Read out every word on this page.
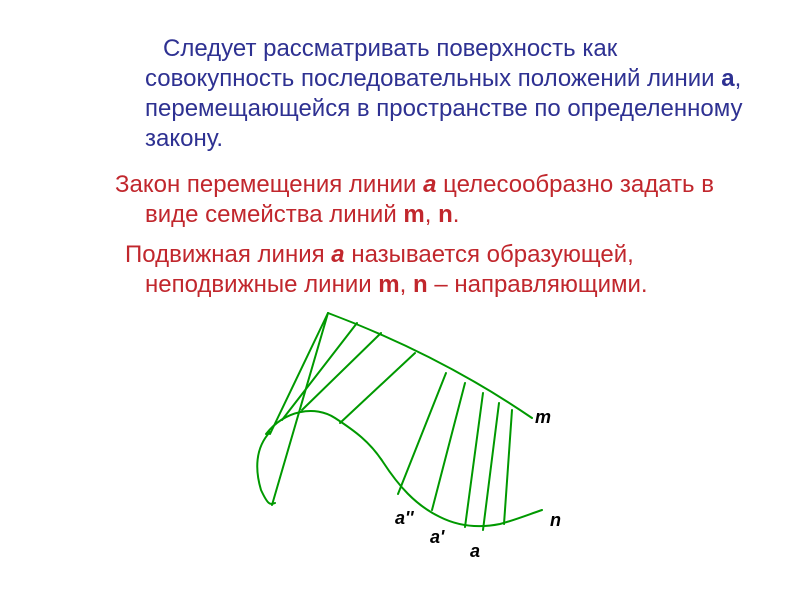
Следует рассматривать поверхность как совокупность последовательных положений линии a, перемещающейся в пространстве по определенному закону.

Закон перемещения линии a целесообразно задать в виде семейства линий m, n.

Подвижная линия a называется образующей, неподвижные линии m, n – направляющими.

m
n
a''
a'
a
